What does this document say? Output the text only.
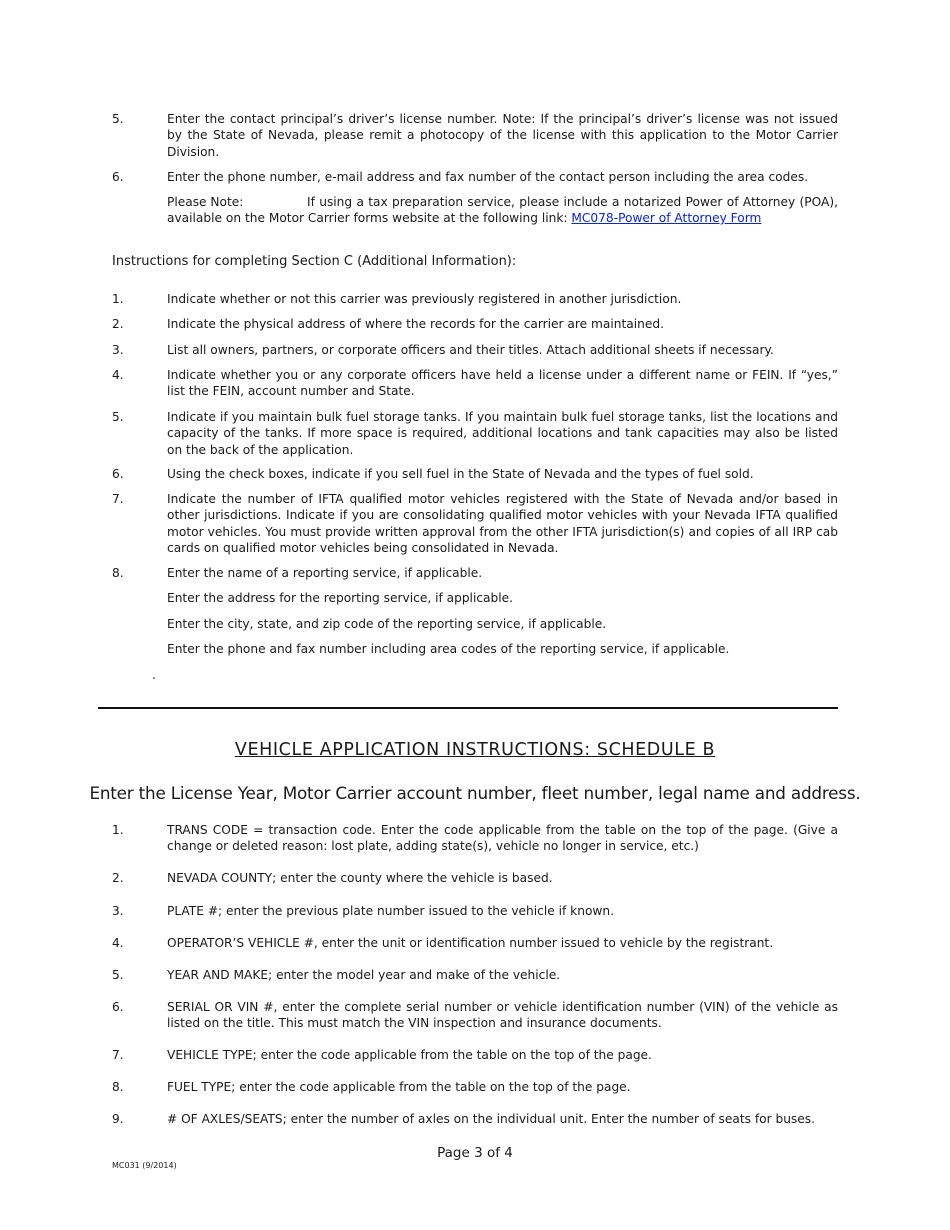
5.	Enter the contact principal’s driver’s license number. Note: If the principal’s driver’s license was not issued by the State of Nevada, please remit a photocopy of the license with this application to the Motor Carrier Division.
6.	Enter the phone number, e-mail address and fax number of the contact person including the area codes.
Please Note:	If using a tax preparation service, please include a notarized Power of Attorney (POA), available on the Motor Carrier forms website at the following link: MC078-Power of Attorney Form
Instructions for completing Section C (Additional Information):
1.	Indicate whether or not this carrier was previously registered in another jurisdiction.
2.	Indicate the physical address of where the records for the carrier are maintained.
3.	List all owners, partners, or corporate officers and their titles. Attach additional sheets if necessary.
4.	Indicate whether you or any corporate officers have held a license under a different name or FEIN. If “yes,” list the FEIN, account number and State.
5.	Indicate if you maintain bulk fuel storage tanks. If you maintain bulk fuel storage tanks, list the locations and capacity of the tanks. If more space is required, additional locations and tank capacities may also be listed on the back of the application.
6.	Using the check boxes, indicate if you sell fuel in the State of Nevada and the types of fuel sold.
7.	Indicate the number of IFTA qualified motor vehicles registered with the State of Nevada and/or based in other jurisdictions. Indicate if you are consolidating qualified motor vehicles with your Nevada IFTA qualified motor vehicles. You must provide written approval from the other IFTA jurisdiction(s) and copies of all IRP cab cards on qualified motor vehicles being consolidated in Nevada.
8.	Enter the name of a reporting service, if applicable.
Enter the address for the reporting service, if applicable.
Enter the city, state, and zip code of the reporting service, if applicable.
Enter the phone and fax number including area codes of the reporting service, if applicable.
.
VEHICLE APPLICATION INSTRUCTIONS: SCHEDULE B
Enter the License Year, Motor Carrier account number, fleet number, legal name and address.
1.	TRANS CODE = transaction code. Enter the code applicable from the table on the top of the page. (Give a change or deleted reason: lost plate, adding state(s), vehicle no longer in service, etc.)
2.	NEVADA COUNTY; enter the county where the vehicle is based.
3.	PLATE #; enter the previous plate number issued to the vehicle if known.
4.	OPERATOR’S VEHICLE #, enter the unit or identification number issued to vehicle by the registrant.
5.	YEAR AND MAKE; enter the model year and make of the vehicle.
6.	SERIAL OR VIN #, enter the complete serial number or vehicle identification number (VIN) of the vehicle as listed on the title. This must match the VIN inspection and insurance documents.
7.	VEHICLE TYPE; enter the code applicable from the table on the top of the page.
8.	FUEL TYPE; enter the code applicable from the table on the top of the page.
9.	# OF AXLES/SEATS; enter the number of axles on the individual unit. Enter the number of seats for buses.
Page 3 of 4
MC031 (9/2014)
